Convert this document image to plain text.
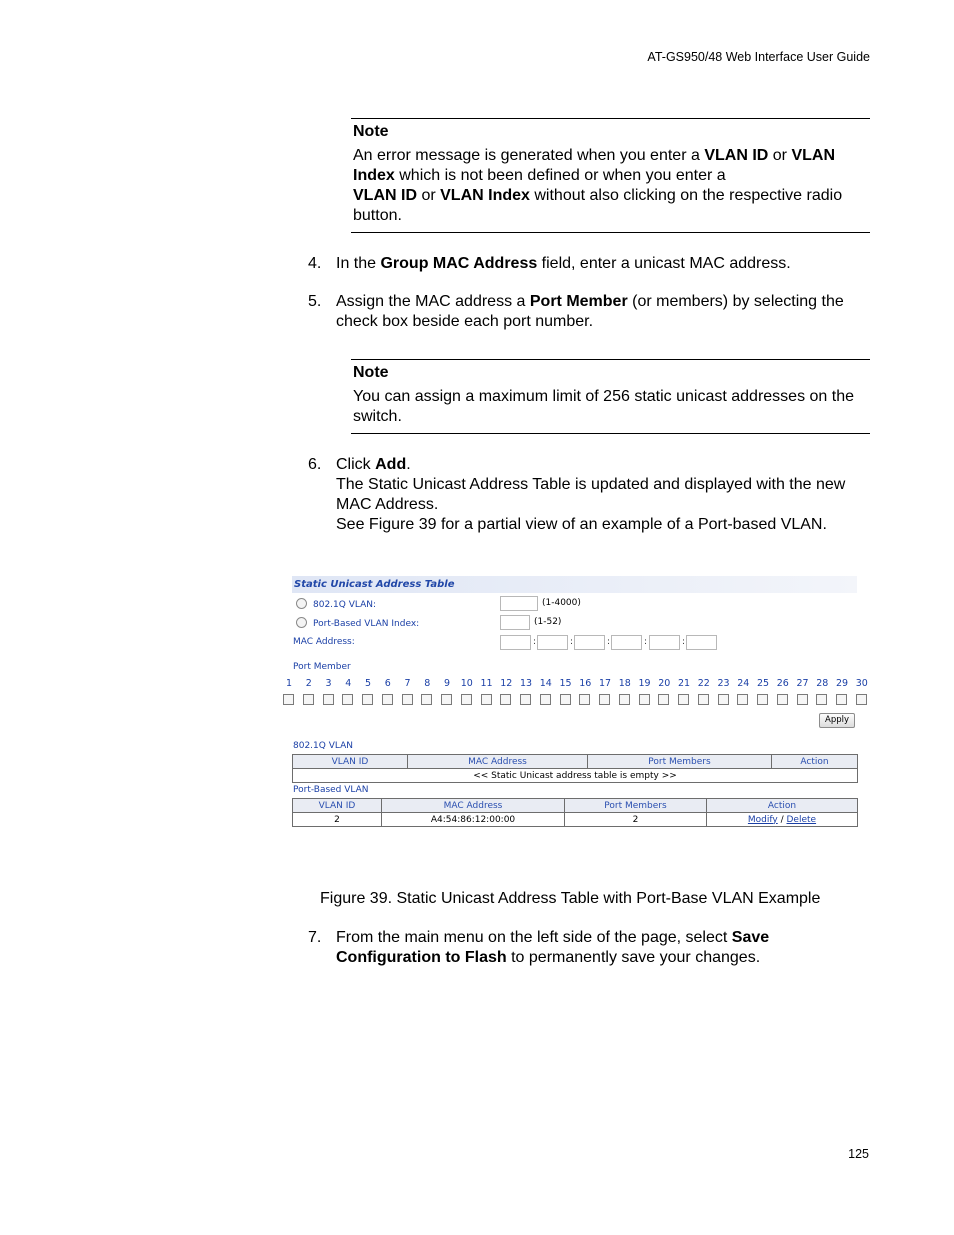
AT-GS950/48 Web Interface User Guide
Note
An error message is generated when you enter a VLAN ID or VLAN Index which is not been defined or when you enter a
VLAN ID or VLAN Index without also clicking on the respective radio button.
4. In the Group MAC Address field, enter a unicast MAC address.
5. Assign the MAC address a Port Member (or members) by selecting the check box beside each port number.
Note
You can assign a maximum limit of 256 static unicast addresses on the switch.
6. Click Add.
The Static Unicast Address Table is updated and displayed with the new MAC Address.
See Figure 39 for a partial view of an example of a Port-based VLAN.
Static Unicast Address Table
802.1Q VLAN:	(1-4000)
Port-Based VLAN Index:	(1-52)
MAC Address:	:	:	:	:	:
Port Member
1	2	3	4	5	6	7	8	9	10 11 12 13 14 15 16 17 18 19 20 21 22 23 24 25 26 27 28 29 30
Apply
802.1Q VLAN
VLAN ID	MAC Address	Port Members	Action
<< Static Unicast address table is empty >>
Port-Based VLAN
VLAN ID	MAC Address	Port Members	Action
2	A4:54:86:12:00:00	2	Modify / Delete
Figure 39. Static Unicast Address Table with Port-Base VLAN Example
7. From the main menu on the left side of the page, select Save Configuration to Flash to permanently save your changes.
125
